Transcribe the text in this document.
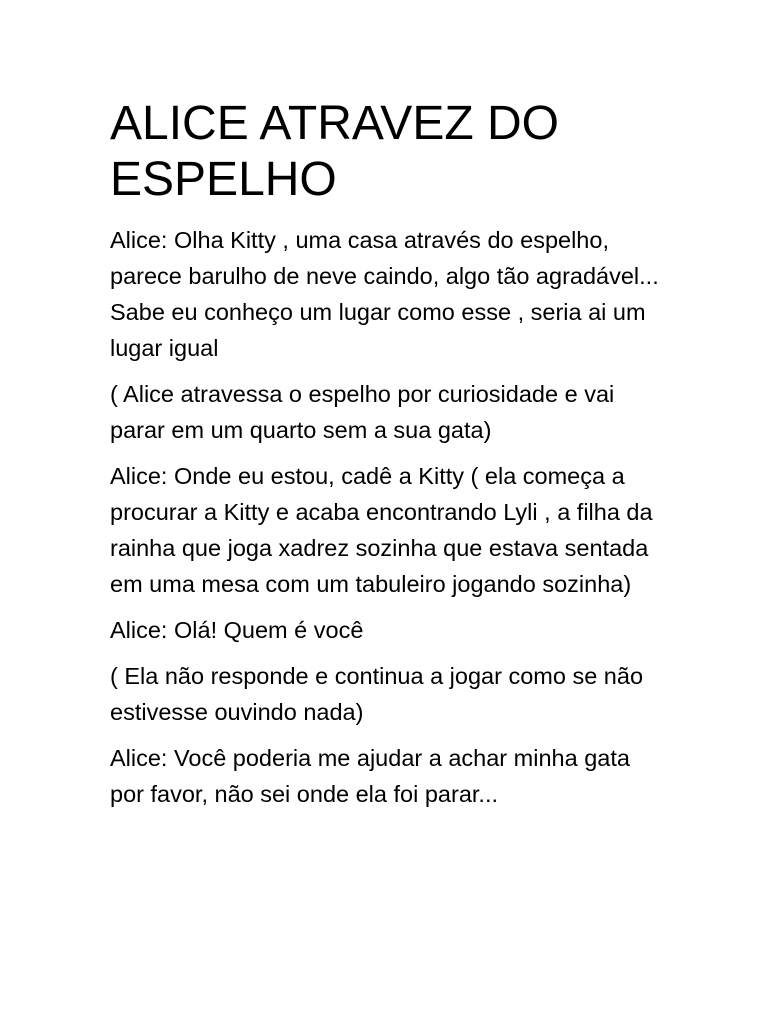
ALICE ATRAVEZ DO
ESPELHO

Alice: Olha Kitty , uma casa através do espelho, parece barulho de neve caindo, algo tão agradável... Sabe eu conheço um lugar como esse , seria ai um lugar igual

( Alice atravessa o espelho por curiosidade e vai parar em um quarto sem a sua gata)

Alice: Onde eu estou, cadê a Kitty ( ela começa a procurar a Kitty e acaba encontrando Lyli , a filha da rainha que joga xadrez sozinha que estava sentada em uma mesa com um tabuleiro jogando sozinha)

Alice: Olá! Quem é você

( Ela não responde e continua a jogar como se não estivesse ouvindo nada)

Alice: Você poderia me ajudar a achar minha gata por favor, não sei onde ela foi parar...
